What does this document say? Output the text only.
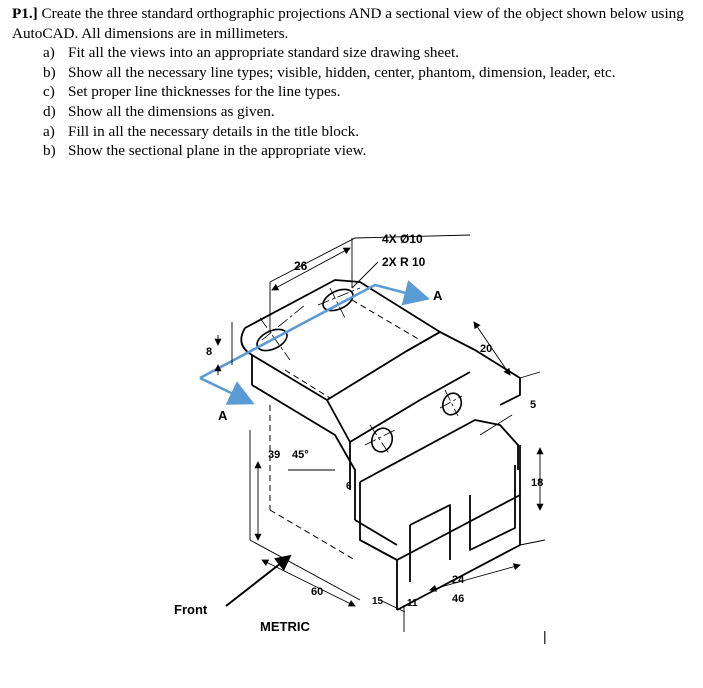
P1.] Create the three standard orthographic projections AND a sectional view of the object shown below using AutoCAD. All dimensions are in millimeters.

a) Fit all the views into an appropriate standard size drawing sheet.
b) Show all the necessary line types; visible, hidden, center, phantom, dimension, leader, etc.
c) Set proper line thicknesses for the line types.
d) Show all the dimensions as given.
a) Fill in all the necessary details in the title block.
b) Show the sectional plane in the appropriate view.
4X Ø10
2X R 10
A
A
26
8	20
5
39 45°
6	18
24
46
60
15 11
Front
METRIC
|
